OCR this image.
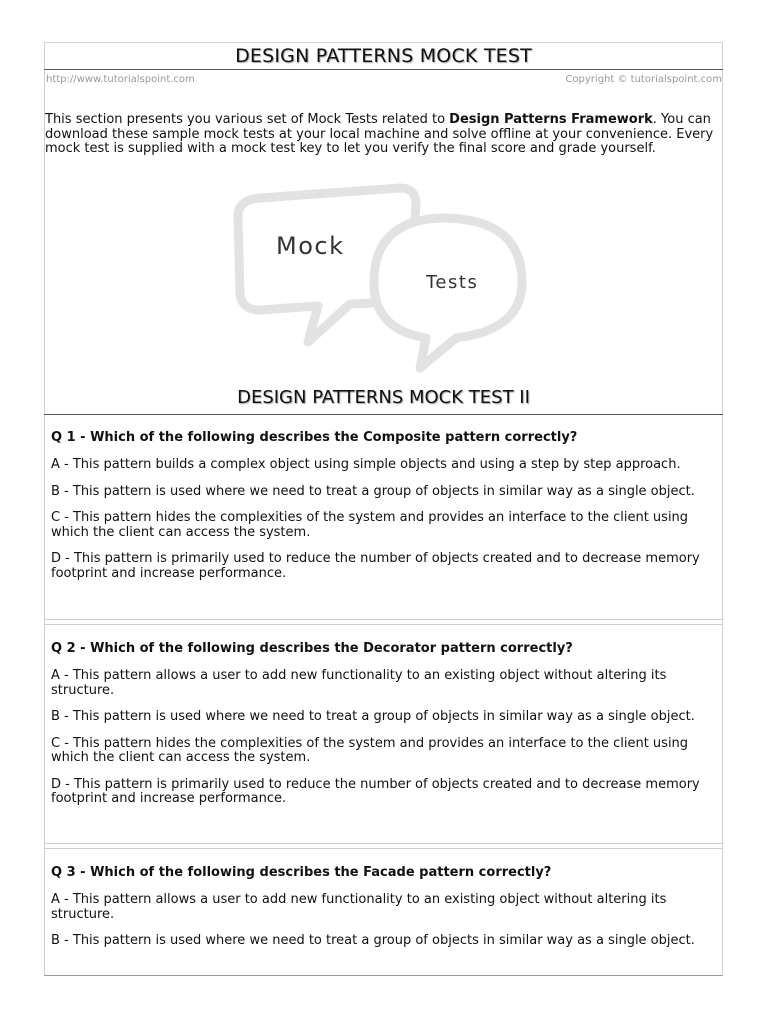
DESIGN PATTERNS MOCK TEST
http://www.tutorialspoint.com	Copyright © tutorialspoint.com
This section presents you various set of Mock Tests related to Design Patterns Framework. You can download these sample mock tests at your local machine and solve offline at your convenience. Every mock test is supplied with a mock test key to let you verify the final score and grade yourself.
Mock
Tests
DESIGN PATTERNS MOCK TEST II

Q 1 - Which of the following describes the Composite pattern correctly?

A - This pattern builds a complex object using simple objects and using a step by step approach.

B - This pattern is used where we need to treat a group of objects in similar way as a single object.

C - This pattern hides the complexities of the system and provides an interface to the client using which the client can access the system.

D - This pattern is primarily used to reduce the number of objects created and to decrease memory footprint and increase performance.

Q 2 - Which of the following describes the Decorator pattern correctly?

A - This pattern allows a user to add new functionality to an existing object without altering its structure.

B - This pattern is used where we need to treat a group of objects in similar way as a single object.

C - This pattern hides the complexities of the system and provides an interface to the client using which the client can access the system.

D - This pattern is primarily used to reduce the number of objects created and to decrease memory footprint and increase performance.

Q 3 - Which of the following describes the Facade pattern correctly?

A - This pattern allows a user to add new functionality to an existing object without altering its structure.

B - This pattern is used where we need to treat a group of objects in similar way as a single object.
